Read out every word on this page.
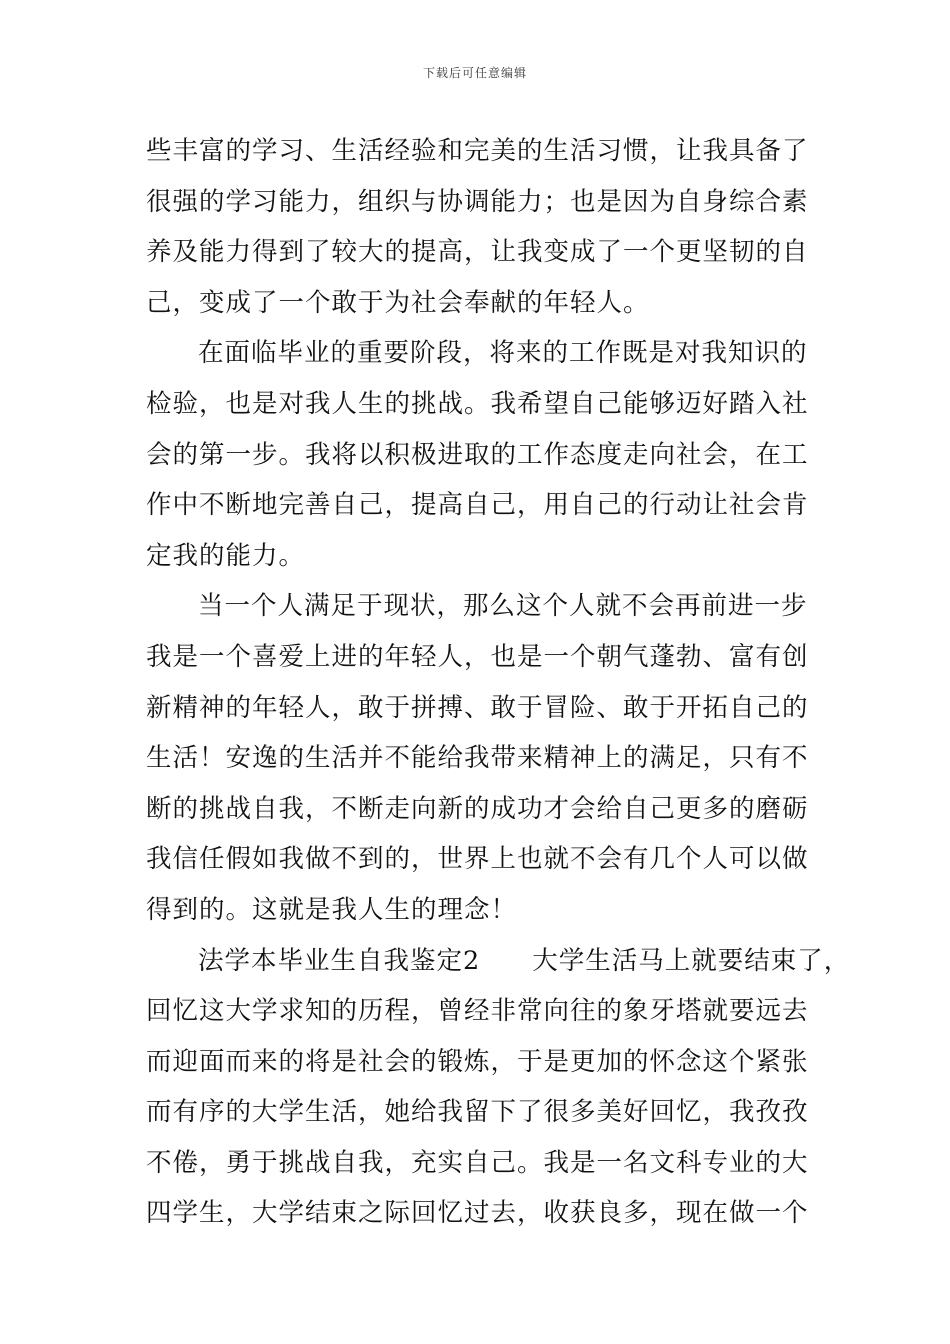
下载后可任意编辑
些丰富的学习、生活经验和完美的生活习惯，让我具备了
很强的学习能力，组织与协调能力；也是因为自身综合素
养及能力得到了较大的提高，让我变成了一个更坚韧的自
己，变成了一个敢于为社会奉献的年轻人。
在面临毕业的重要阶段，将来的工作既是对我知识的
检验，也是对我人生的挑战。我希望自己能够迈好踏入社
会的第一步。我将以积极进取的工作态度走向社会，在工
作中不断地完善自己，提高自己，用自己的行动让社会肯
定我的能力。
当一个人满足于现状，那么这个人就不会再前进一步
我是一个喜爱上进的年轻人，也是一个朝气蓬勃、富有创
新精神的年轻人，敢于拼搏、敢于冒险、敢于开拓自己的
生活！安逸的生活并不能给我带来精神上的满足，只有不
断的挑战自我，不断走向新的成功才会给自己更多的磨砺
我信任假如我做不到的，世界上也就不会有几个人可以做
得到的。这就是我人生的理念！
法学本毕业生自我鉴定2 大学生活马上就要结束了，
回忆这大学求知的历程，曾经非常向往的象牙塔就要远去
而迎面而来的将是社会的锻炼，于是更加的怀念这个紧张
而有序的大学生活，她给我留下了很多美好回忆，我孜孜
不倦，勇于挑战自我，充实自己。我是一名文科专业的大
四学生，大学结束之际回忆过去，收获良多，现在做一个
